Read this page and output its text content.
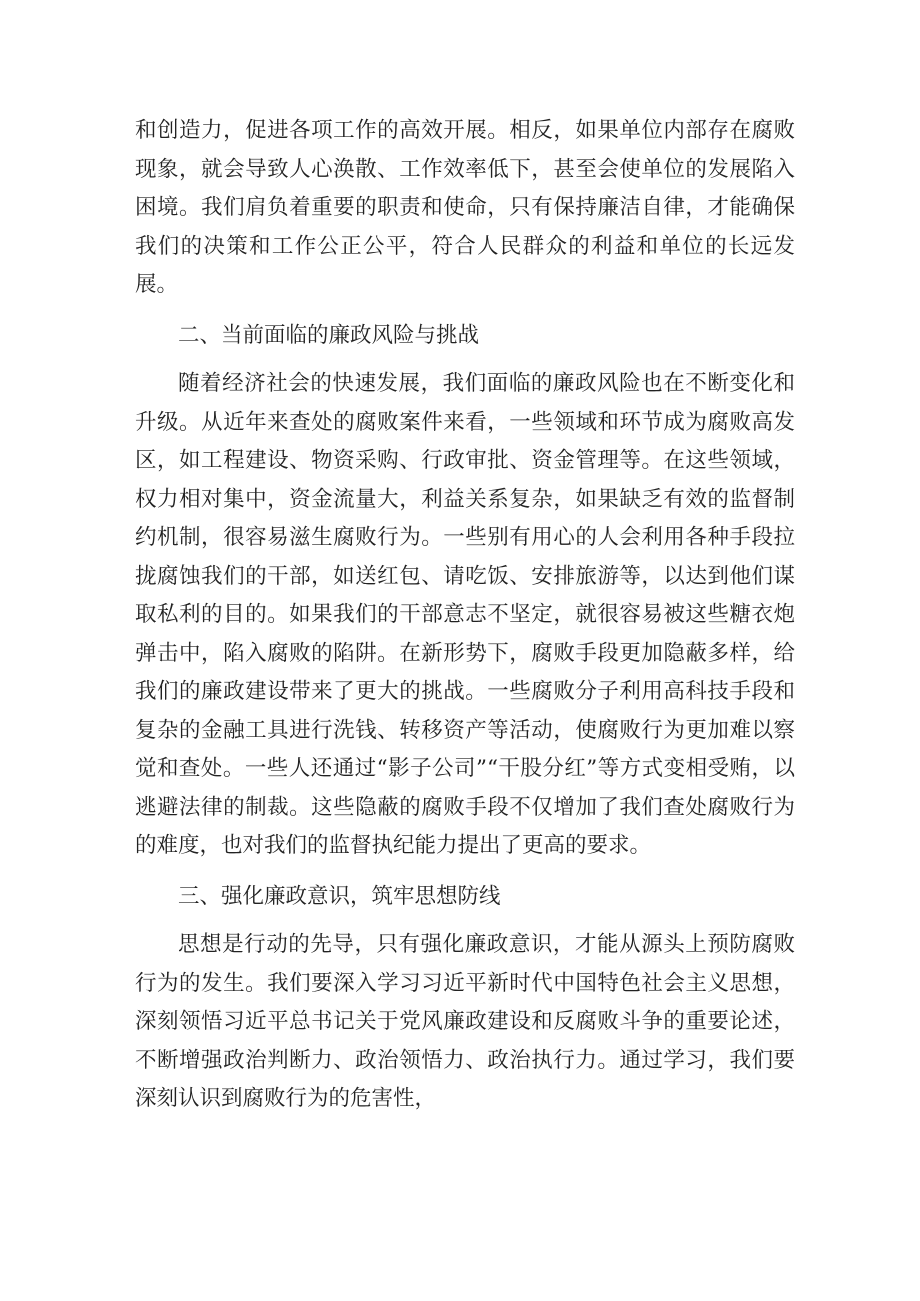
和创造力，促进各项工作的高效开展。相反，如果单位内部存在腐败现象，就会导致人心涣散、工作效率低下，甚至会使单位的发展陷入困境。我们肩负着重要的职责和使命，只有保持廉洁自律，才能确保我们的决策和工作公正公平，符合人民群众的利益和单位的长远发展。

二、当前面临的廉政风险与挑战

随着经济社会的快速发展，我们面临的廉政风险也在不断变化和升级。从近年来查处的腐败案件来看，一些领域和环节成为腐败高发区，如工程建设、物资采购、行政审批、资金管理等。在这些领域，权力相对集中，资金流量大，利益关系复杂，如果缺乏有效的监督制约机制，很容易滋生腐败行为。一些别有用心的人会利用各种手段拉拢腐蚀我们的干部，如送红包、请吃饭、安排旅游等，以达到他们谋取私利的目的。如果我们的干部意志不坚定，就很容易被这些糖衣炮弹击中，陷入腐败的陷阱。在新形势下，腐败手段更加隐蔽多样，给我们的廉政建设带来了更大的挑战。一些腐败分子利用高科技手段和复杂的金融工具进行洗钱、转移资产等活动，使腐败行为更加难以察觉和查处。一些人还通过“影子公司”“干股分红”等方式变相受贿，以逃避法律的制裁。这些隐蔽的腐败手段不仅增加了我们查处腐败行为的难度，也对我们的监督执纪能力提出了更高的要求。

三、强化廉政意识，筑牢思想防线

思想是行动的先导，只有强化廉政意识，才能从源头上预防腐败行为的发生。我们要深入学习习近平新时代中国特色社会主义思想，深刻领悟习近平总书记关于党风廉政建设和反腐败斗争的重要论述，不断增强政治判断力、政治领悟力、政治执行力。通过学习，我们要深刻认识到腐败行为的危害性，
